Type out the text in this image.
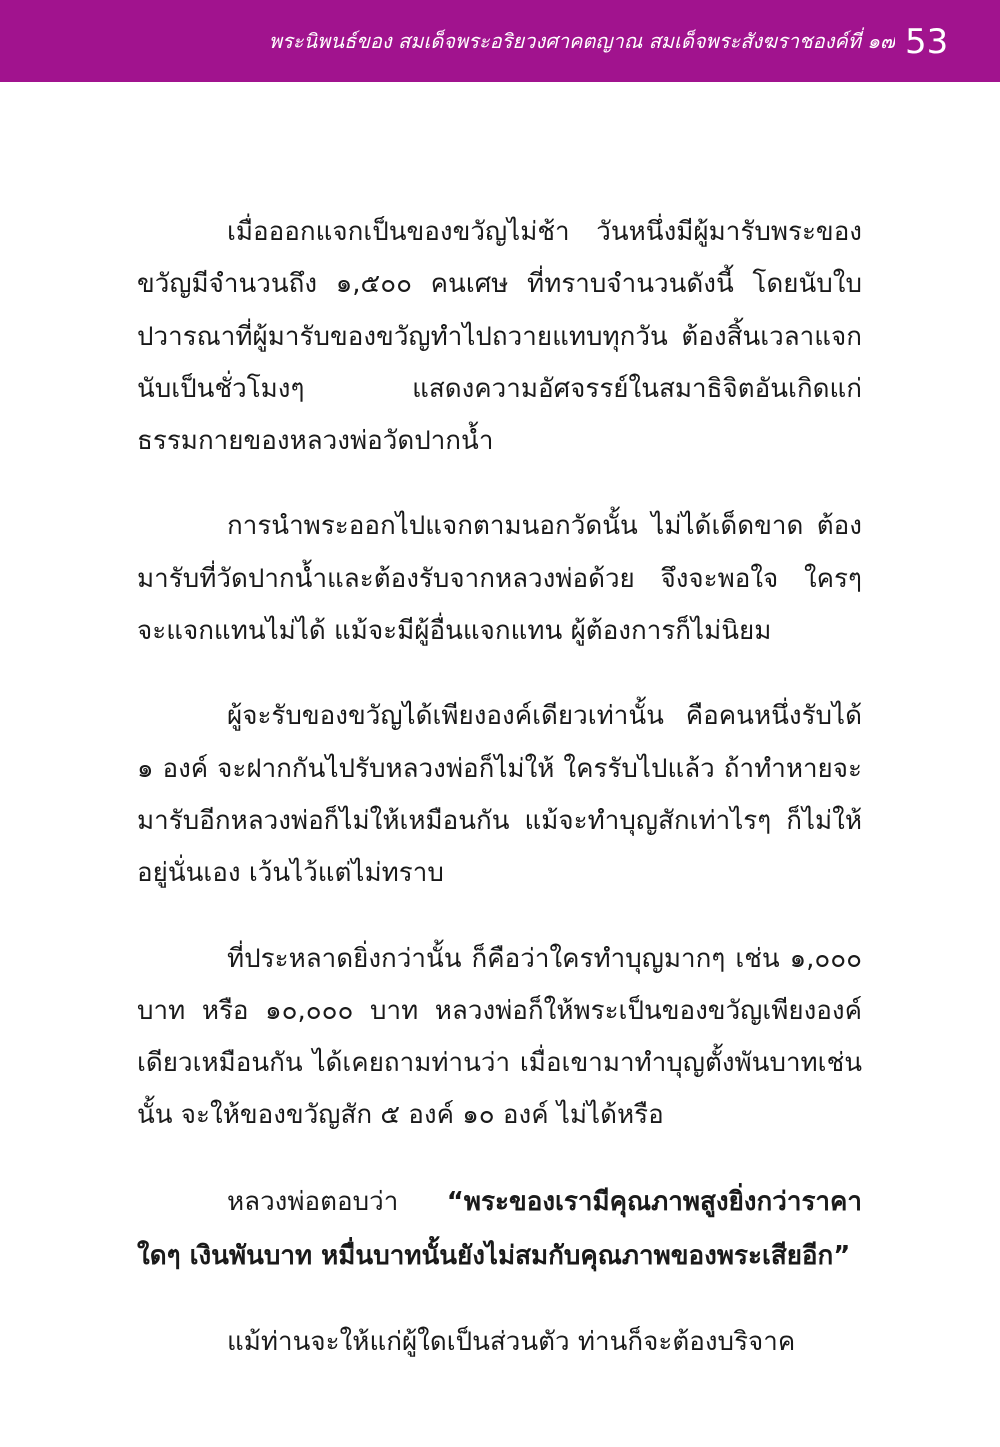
พระนิพนธ์ของ สมเด็จพระอริยวงศาคตญาณ สมเด็จพระสังฆราชองค์ที่ ๑๗ 53

เมื่อออกแจกเป็นของขวัญไม่ช้า วันหนึ่งมีผู้มารับพระของขวัญมีจำนวนถึง ๑,๕๐๐ คนเศษ ที่ทราบจำนวนดังนี้ โดยนับใบปวารณาที่ผู้มารับของขวัญทำไปถวายแทบทุกวัน ต้องสิ้นเวลาแจกนับเป็นชั่วโมงๆ แสดงความอัศจรรย์ในสมาธิจิตอันเกิดแก่ธรรมกายของหลวงพ่อวัดปากน้ำ

การนำพระออกไปแจกตามนอกวัดนั้น ไม่ได้เด็ดขาด ต้องมารับที่วัดปากน้ำและต้องรับจากหลวงพ่อด้วย จึงจะพอใจ ใครๆ จะแจกแทนไม่ได้ แม้จะมีผู้อื่นแจกแทน ผู้ต้องการก็ไม่นิยม

ผู้จะรับของขวัญได้เพียงองค์เดียวเท่านั้น คือคนหนึ่งรับได้ ๑ องค์ จะฝากกันไปรับหลวงพ่อก็ไม่ให้ ใครรับไปแล้ว ถ้าทำหายจะมารับอีกหลวงพ่อก็ไม่ให้เหมือนกัน แม้จะทำบุญสักเท่าไรๆ ก็ไม่ให้อยู่นั่นเอง เว้นไว้แต่ไม่ทราบ

ที่ประหลาดยิ่งกว่านั้น ก็คือว่าใครทำบุญมากๆ เช่น ๑,๐๐๐ บาท หรือ ๑๐,๐๐๐ บาท หลวงพ่อก็ให้พระเป็นของขวัญเพียงองค์เดียวเหมือนกัน ได้เคยถามท่านว่า เมื่อเขามาทำบุญตั้งพันบาทเช่นนั้น จะให้ของขวัญสัก ๕ องค์ ๑๐ องค์ ไม่ได้หรือ

หลวงพ่อตอบว่า “พระของเรามีคุณภาพสูงยิ่งกว่าราคาใดๆ เงินพันบาท หมื่นบาทนั้นยังไม่สมกับคุณภาพของพระเสียอีก”

แม้ท่านจะให้แก่ผู้ใดเป็นส่วนตัว ท่านก็จะต้องบริจาค
